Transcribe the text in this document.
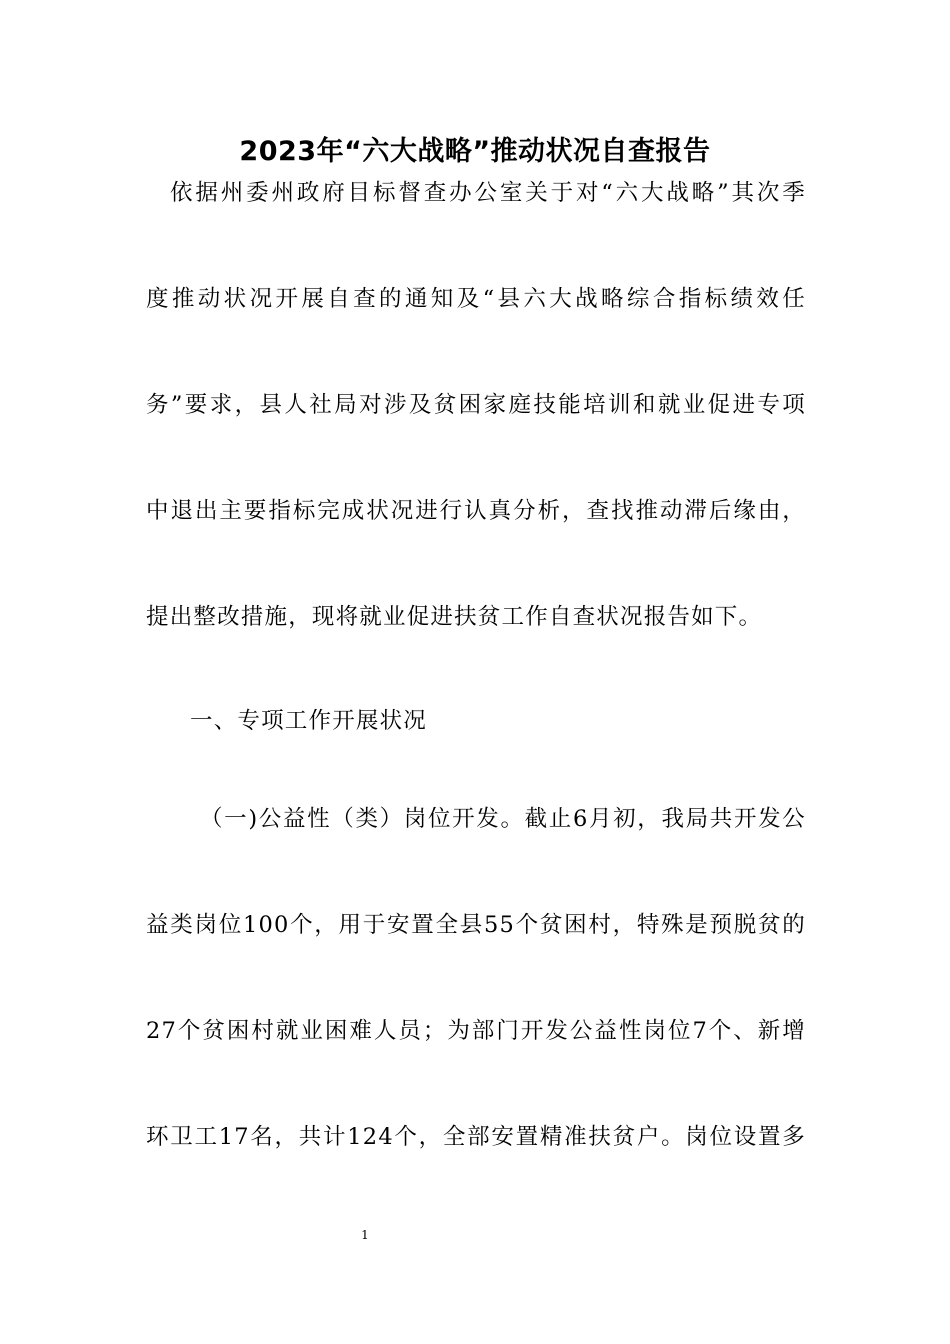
2023年“六大战略”推动状况自查报告
依据州委州政府目标督查办公室关于对“六大战略”其次季
度推动状况开展自查的通知及“县六大战略综合指标绩效任
务”要求，县人社局对涉及贫困家庭技能培训和就业促进专项
中退出主要指标完成状况进行认真分析，查找推动滞后缘由，
提出整改措施，现将就业促进扶贫工作自查状况报告如下。
一、专项工作开展状况
（一)公益性（类）岗位开发。截止6月初，我局共开发公
益类岗位100个，用于安置全县55个贫困村，特殊是预脱贫的
27个贫困村就业困难人员；为部门开发公益性岗位7个、新增
环卫工17名，共计124个，全部安置精准扶贫户。岗位设置多
1
